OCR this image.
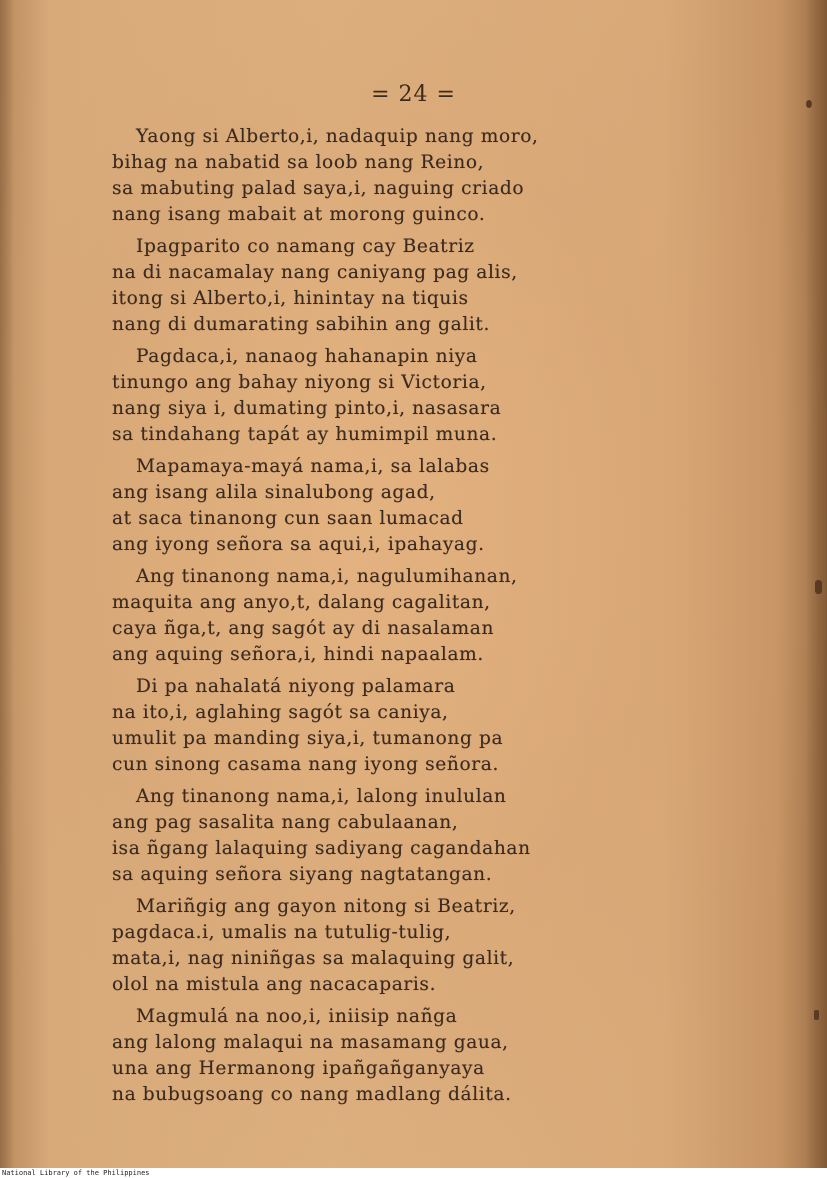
= 24 =
Yaong si Alberto,i, nadaquip nang moro,
bihag na nabatid sa loob nang Reino,
sa mabuting palad saya,i, naguing criado
nang isang mabait at morong guinco.
Ipagparito co namang cay Beatriz
na di nacamalay nang caniyang pag alis,
itong si Alberto,i, hinintay na tiquis
nang di dumarating sabihin ang galit.
Pagdaca,i, nanaog hahanapin niya
tinungo ang bahay niyong si Victoria,
nang siya i, dumating pinto,i, nasasara
sa tindahang tapát ay humimpil muna.
Mapamaya-mayá nama,i, sa lalabas
ang isang alila sinalubong agad,
at saca tinanong cun saan lumacad
ang iyong señora sa aqui,i, ipahayag.
Ang tinanong nama,i, nagulumihanan,
maquita ang anyo,t, dalang cagalitan,
caya ñga,t, ang sagót ay di nasalaman
ang aquing señora,i, hindi napaalam.
Di pa nahalatá niyong palamara
na ito,i, aglahing sagót sa caniya,
umulit pa manding siya,i, tumanong pa
cun sinong casama nang iyong señora.
Ang tinanong nama,i, lalong inululan
ang pag sasalita nang cabulaanan,
isa ñgang lalaquing sadiyang cagandahan
sa aquing señora siyang nagtatangan.
Mariñgig ang gayon nitong si Beatriz,
pagdaca.i, umalis na tutulig-tulig,
mata,i, nag niniñgas sa malaquing galit,
olol na mistula ang nacacaparis.
Magmulá na noo,i, iniisip nañga
ang lalong malaqui na masamang gaua,
una ang Hermanong ipañgañganyaya
na bubugsoang co nang madlang dálita.
National Library of the Philippines
